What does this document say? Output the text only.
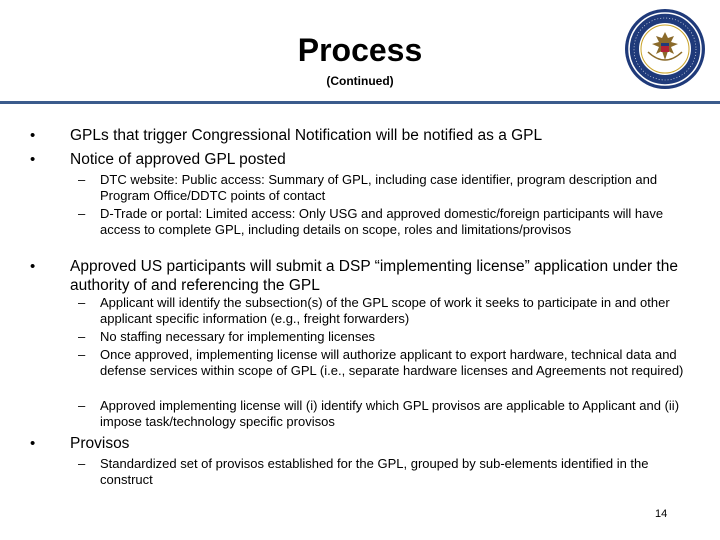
Process
(Continued)
• GPLs that trigger Congressional Notification will be notified as a GPL
• Notice of approved GPL posted
– DTC website: Public access: Summary of GPL, including case identifier, program description and Program Office/DDTC points of contact
– D-Trade or portal: Limited access: Only USG and approved domestic/foreign participants will have access to complete GPL, including details on scope, roles and limitations/provisos
• Approved US participants will submit a DSP “implementing license” application under the authority of and referencing the GPL
– Applicant will identify the subsection(s) of the GPL scope of work it seeks to participate in and other applicant specific information (e.g., freight forwarders)
– No staffing necessary for implementing licenses
– Once approved, implementing license will authorize applicant to export hardware, technical data and defense services within scope of GPL (i.e., separate hardware licenses and Agreements not required)
– Approved implementing license will (i) identify which GPL provisos are applicable to Applicant and (ii) impose task/technology specific provisos
• Provisos
– Standardized set of provisos established for the GPL, grouped by sub-elements identified in the construct
14
